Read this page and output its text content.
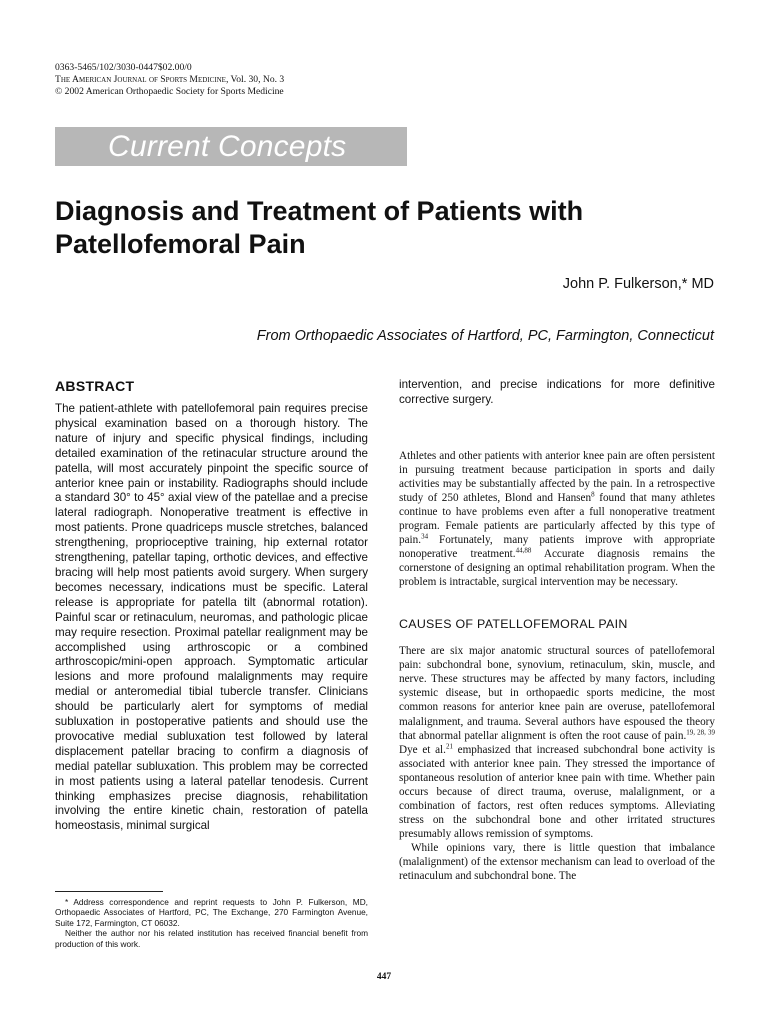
0363-5465/102/3030-0447$02.00/0
The American Journal of Sports Medicine, Vol. 30, No. 3
© 2002 American Orthopaedic Society for Sports Medicine
Current Concepts
Diagnosis and Treatment of Patients with Patellofemoral Pain
John P. Fulkerson,* MD
From Orthopaedic Associates of Hartford, PC, Farmington, Connecticut
ABSTRACT

The patient-athlete with patellofemoral pain requires precise physical examination based on a thorough history. The nature of injury and specific physical findings, including detailed examination of the retinacular structure around the patella, will most accurately pinpoint the specific source of anterior knee pain or instability. Radiographs should include a standard 30° to 45° axial view of the patellae and a precise lateral radiograph. Nonoperative treatment is effective in most patients. Prone quadriceps muscle stretches, balanced strengthening, proprioceptive training, hip external rotator strengthening, patellar taping, orthotic devices, and effective bracing will help most patients avoid surgery. When surgery becomes necessary, indications must be specific. Lateral release is appropriate for patella tilt (abnormal rotation). Painful scar or retinaculum, neuromas, and pathologic plicae may require resection. Proximal patellar realignment may be accomplished using arthroscopic or a combined arthroscopic/mini-open approach. Symptomatic articular lesions and more profound malalignments may require medial or anteromedial tibial tubercle transfer. Clinicians should be particularly alert for symptoms of medial subluxation in postoperative patients and should use the provocative medial subluxation test followed by lateral displacement patellar bracing to confirm a diagnosis of medial patellar subluxation. This problem may be corrected in most patients using a lateral patellar tenodesis. Current thinking emphasizes precise diagnosis, rehabilitation involving the entire kinetic chain, restoration of patella homeostasis, minimal surgical

intervention, and precise indications for more definitive corrective surgery.

Athletes and other patients with anterior knee pain are often persistent in pursuing treatment because participation in sports and daily activities may be substantially affected by the pain. In a retrospective study of 250 athletes, Blond and Hansen$^8$ found that many athletes continue to have problems even after a full nonoperative treatment program. Female patients are particularly affected by this type of pain.$^{34}$ Fortunately, many patients improve with appropriate nonoperative treatment.$^{44,88}$ Accurate diagnosis remains the cornerstone of designing an optimal rehabilitation program. When the problem is intractable, surgical intervention may be necessary.

CAUSES OF PATELLOFEMORAL PAIN

There are six major anatomic structural sources of patellofemoral pain: subchondral bone, synovium, retinaculum, skin, muscle, and nerve. These structures may be affected by many factors, including systemic disease, but in orthopaedic sports medicine, the most common reasons for anterior knee pain are overuse, patellofemoral malalignment, and trauma. Several authors have espoused the theory that abnormal patellar alignment is often the root cause of pain.$^{19, 28, 39}$ Dye et al.$^{21}$ emphasized that increased subchondral bone activity is associated with anterior knee pain. They stressed the importance of spontaneous resolution of anterior knee pain with time. Whether pain occurs because of direct trauma, overuse, malalignment, or a combination of factors, rest often reduces symptoms. Alleviating stress on the subchondral bone and other irritated structures presumably allows remission of symptoms.

While opinions vary, there is little question that imbalance (malalignment) of the extensor mechanism can lead to overload of the retinaculum and subchondral bone. The

* Address correspondence and reprint requests to John P. Fulkerson, MD, Orthopaedic Associates of Hartford, PC, The Exchange, 270 Farmington Avenue, Suite 172, Farmington, CT 06032.

Neither the author nor his related institution has received financial benefit from production of this work.

447
